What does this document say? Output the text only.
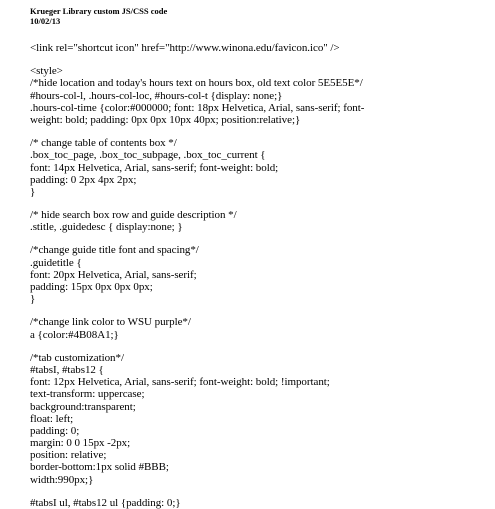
Krueger Library custom JS/CSS code
10/02/13
<link rel="shortcut icon" href="http://www.winona.edu/favicon.ico" />
<style>
/*hide location and today's hours text on hours box, old text color 5E5E5E*/
#hours-col-l, .hours-col-loc, #hours-col-t {display: none;}
.hours-col-time {color:#000000; font: 18px Helvetica, Arial, sans-serif; font-
weight: bold; padding: 0px 0px 10px 40px; position:relative;}
/* change table of contents box */
.box_toc_page, .box_toc_subpage, .box_toc_current {
font: 14px Helvetica, Arial, sans-serif; font-weight: bold;
padding: 0 2px 4px 2px;
}
/* hide search box row and guide description */
.stitle, .guidedesc { display:none; }
/*change guide title font and spacing*/
.guidetitle {
font: 20px Helvetica, Arial, sans-serif;
padding: 15px 0px 0px 0px;
}
/*change link color to WSU purple*/
a {color:#4B08A1;}
/*tab customization*/
#tabsI, #tabs12 {
font: 12px Helvetica, Arial, sans-serif; font-weight: bold; !important;
text-transform: uppercase;
background:transparent;
float: left;
padding: 0;
margin: 0 0 15px -2px;
position: relative;
border-bottom:1px solid #BBB;
width:990px;}
#tabsI ul, #tabs12 ul {padding: 0;}
